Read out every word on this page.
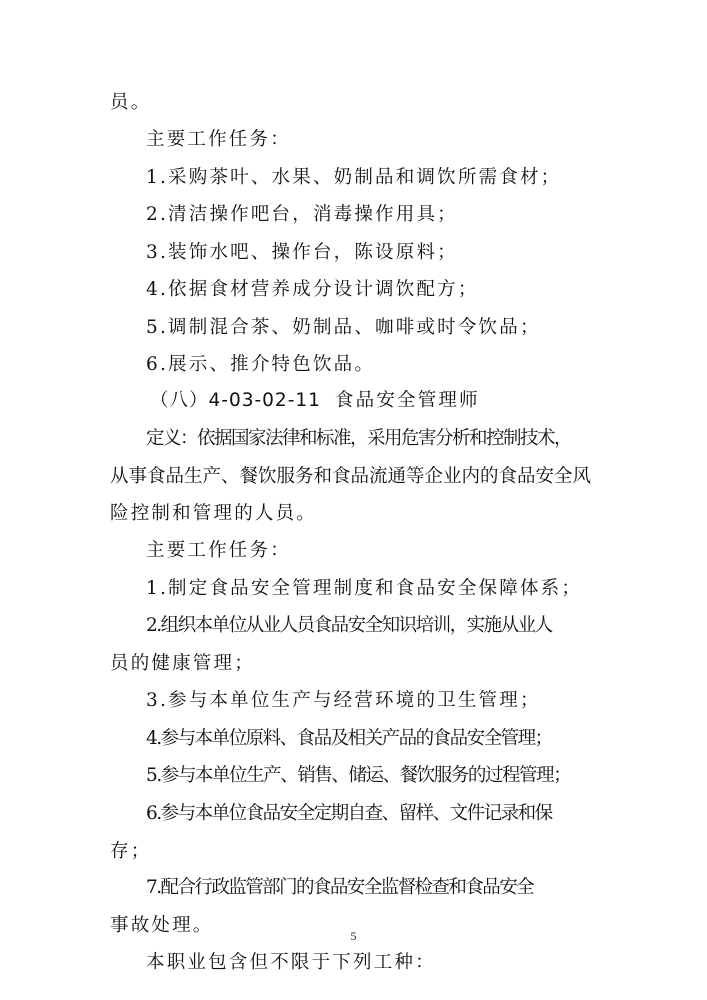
员。
主要工作任务：
1.采购茶叶、水果、奶制品和调饮所需食材；
2.清洁操作吧台，消毒操作用具；
3.装饰水吧、操作台，陈设原料；
4.依据食材营养成分设计调饮配方；
5.调制混合茶、奶制品、咖啡或时令饮品；
6.展示、推介特色饮品。
（八）4-03-02-11 食品安全管理师
定义：依据国家法律和标准，采用危害分析和控制技术，
从事食品生产、餐饮服务和食品流通等企业内的食品安全风
险控制和管理的人员。
主要工作任务：
1.制定食品安全管理制度和食品安全保障体系；
2.组织本单位从业人员食品安全知识培训，实施从业人
员的健康管理；
3.参与本单位生产与经营环境的卫生管理；
4.参与本单位原料、食品及相关产品的食品安全管理；
5.参与本单位生产、销售、储运、餐饮服务的过程管理；
6.参与本单位食品安全定期自查、留样、文件记录和保
存；
7.配合行政监管部门的食品安全监督检查和食品安全
事故处理。
本职业包含但不限于下列工种：
5
